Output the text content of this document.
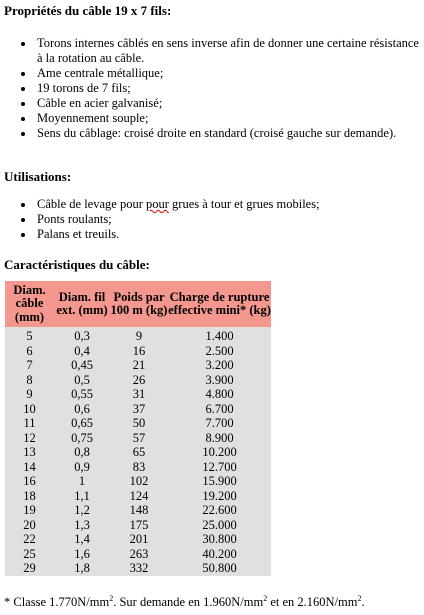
Propriétés du câble 19 x 7 fils:
Torons internes câblés en sens inverse afin de donner une certaine résistance à la rotation au câble.
Ame centrale métallique;
19 torons de 7 fils;
Câble en acier galvanisé;
Moyennement souple;
Sens du câblage: croisé droite en standard (croisé gauche sur demande).
Utilisations:
Câble de levage pour pour grues à tour et grues mobiles;
Ponts roulants;
Palans et treuils.
Caractéristiques du câble:
Diam. câble (mm)	Diam. fil ext. (mm)	Poids par 100 m (kg)	Charge de rupture effective mini* (kg)
5	0,3	9	1.400
6	0,4	16	2.500
7	0,45	21	3.200
8	0,5	26	3.900
9	0,55	31	4.800
10	0,6	37	6.700
11	0,65	50	7.700
12	0,75	57	8.900
13	0,8	65	10.200
14	0,9	83	12.700
16	1	102	15.900
18	1,1	124	19.200
19	1,2	148	22.600
20	1,3	175	25.000
22	1,4	201	30.800
25	1,6	263	40.200
29	1,8	332	50.800
* Classe $1.770N/mm^2$. Sur demande en $1.960N/mm^2$ et en $2.160N/mm^2$.
